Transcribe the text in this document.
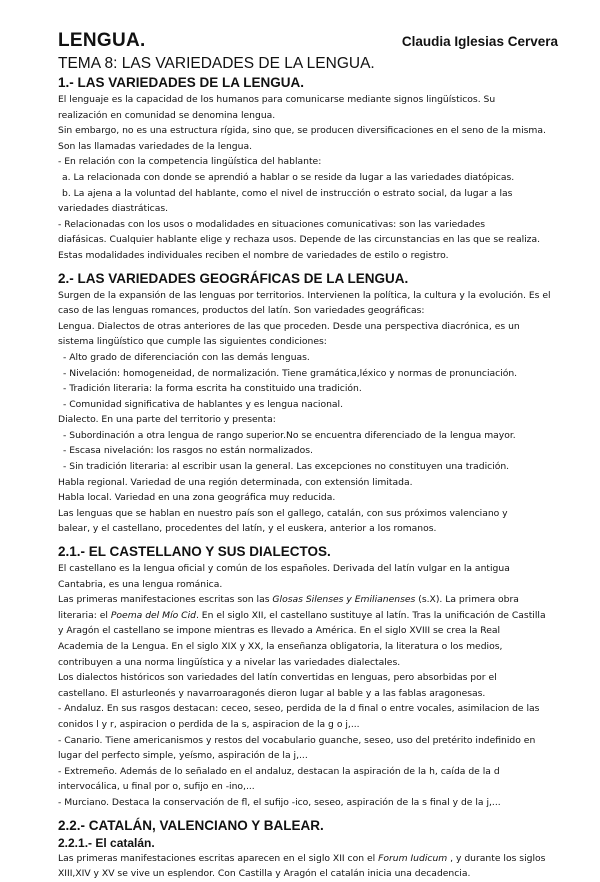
LENGUA.	Claudia Iglesias Cervera
TEMA 8: LAS VARIEDADES DE LA LENGUA.
1.- LAS VARIEDADES DE LA LENGUA.

El lenguaje es la capacidad de los humanos para comunicarse mediante signos lingüísticos. Su

realización en comunidad se denomina lengua.

Sin embargo, no es una estructura rígida, sino que, se producen diversificaciones en el seno de la misma.

Son las llamadas variedades de la lengua.

- En relación con la competencia lingüística del hablante:

a. La relacionada con donde se aprendió a hablar o se reside da lugar a las variedades diatópicas.

b. La ajena a la voluntad del hablante, como el nivel de instrucción o estrato social, da lugar a las

variedades diastráticas.

- Relacionadas con los usos o modalidades en situaciones comunicativas: son las variedades

diafásicas. Cualquier hablante elige y rechaza usos. Depende de las circunstancias en las que se realiza.

Estas modalidades individuales reciben el nombre de variedades de estilo o registro.

2.- LAS VARIEDADES GEOGRÁFICAS DE LA LENGUA.

Surgen de la expansión de las lenguas por territorios. Intervienen la política, la cultura y la evolución. Es el

caso de las lenguas romances, productos del latín. Son variedades geográficas:

Lengua. Dialectos de otras anteriores de las que proceden. Desde una perspectiva diacrónica, es un

sistema lingüístico que cumple las siguientes condiciones:

- Alto grado de diferenciación con las demás lenguas.

- Nivelación: homogeneidad, de normalización. Tiene gramática,léxico y normas de pronunciación.

- Tradición literaria: la forma escrita ha constituido una tradición.

- Comunidad significativa de hablantes y es lengua nacional.

Dialecto. En una parte del territorio y presenta:

- Subordinación a otra lengua de rango superior.No se encuentra diferenciado de la lengua mayor.

- Escasa nivelación: los rasgos no están normalizados.

- Sin tradición literaria: al escribir usan la general. Las excepciones no constituyen una tradición.

Habla regional. Variedad de una región determinada, con extensión limitada.

Habla local. Variedad en una zona geográfica muy reducida.

Las lenguas que se hablan en nuestro país son el gallego, catalán, con sus próximos valenciano y

balear, y el castellano, procedentes del latín, y el euskera, anterior a los romanos.

2.1.- EL CASTELLANO Y SUS DIALECTOS.

El castellano es la lengua oficial y común de los españoles. Derivada del latín vulgar en la antigua

Cantabria, es una lengua románica.

Las primeras manifestaciones escritas son las Glosas Silenses y Emilianenses (s.X). La primera obra

literaria: el Poema del Mío Cid. En el siglo XII, el castellano sustituye al latín. Tras la unificación de Castilla

y Aragón el castellano se impone mientras es llevado a América. En el siglo XVIII se crea la Real

Academia de la Lengua. En el siglo XIX y XX, la enseñanza obligatoria, la literatura o los medios,

contribuyen a una norma lingüística y a nivelar las variedades dialectales.

Los dialectos históricos son variedades del latín convertidas en lenguas, pero absorbidas por el

castellano. El asturleonés y navarroaragonés dieron lugar al bable y a las fablas aragonesas.

- Andaluz. En sus rasgos destacan: ceceo, seseo, perdida de la d final o entre vocales, asimilacion de las

conidos l y r, aspiracion o perdida de la s, aspiracion de la g o j,...

- Canario. Tiene americanismos y restos del vocabulario guanche, seseo, uso del pretérito indefinido en

lugar del perfecto simple, yeísmo, aspiración de la j,...

- Extremeño. Además de lo señalado en el andaluz, destacan la aspiración de la h, caída de la d

intervocálica, u final por o, sufijo en -ino,...

- Murciano. Destaca la conservación de fl, el sufijo -ico, seseo, aspiración de la s final y de la j,...

2.2.- CATALÁN, VALENCIANO Y BALEAR.
2.2.1.- El catalán.

Las primeras manifestaciones escritas aparecen en el siglo XII con el Forum Iudicum , y durante los siglos

XIII,XIV y XV se vive un esplendor. Con Castilla y Aragón el catalán inicia una decadencia.
